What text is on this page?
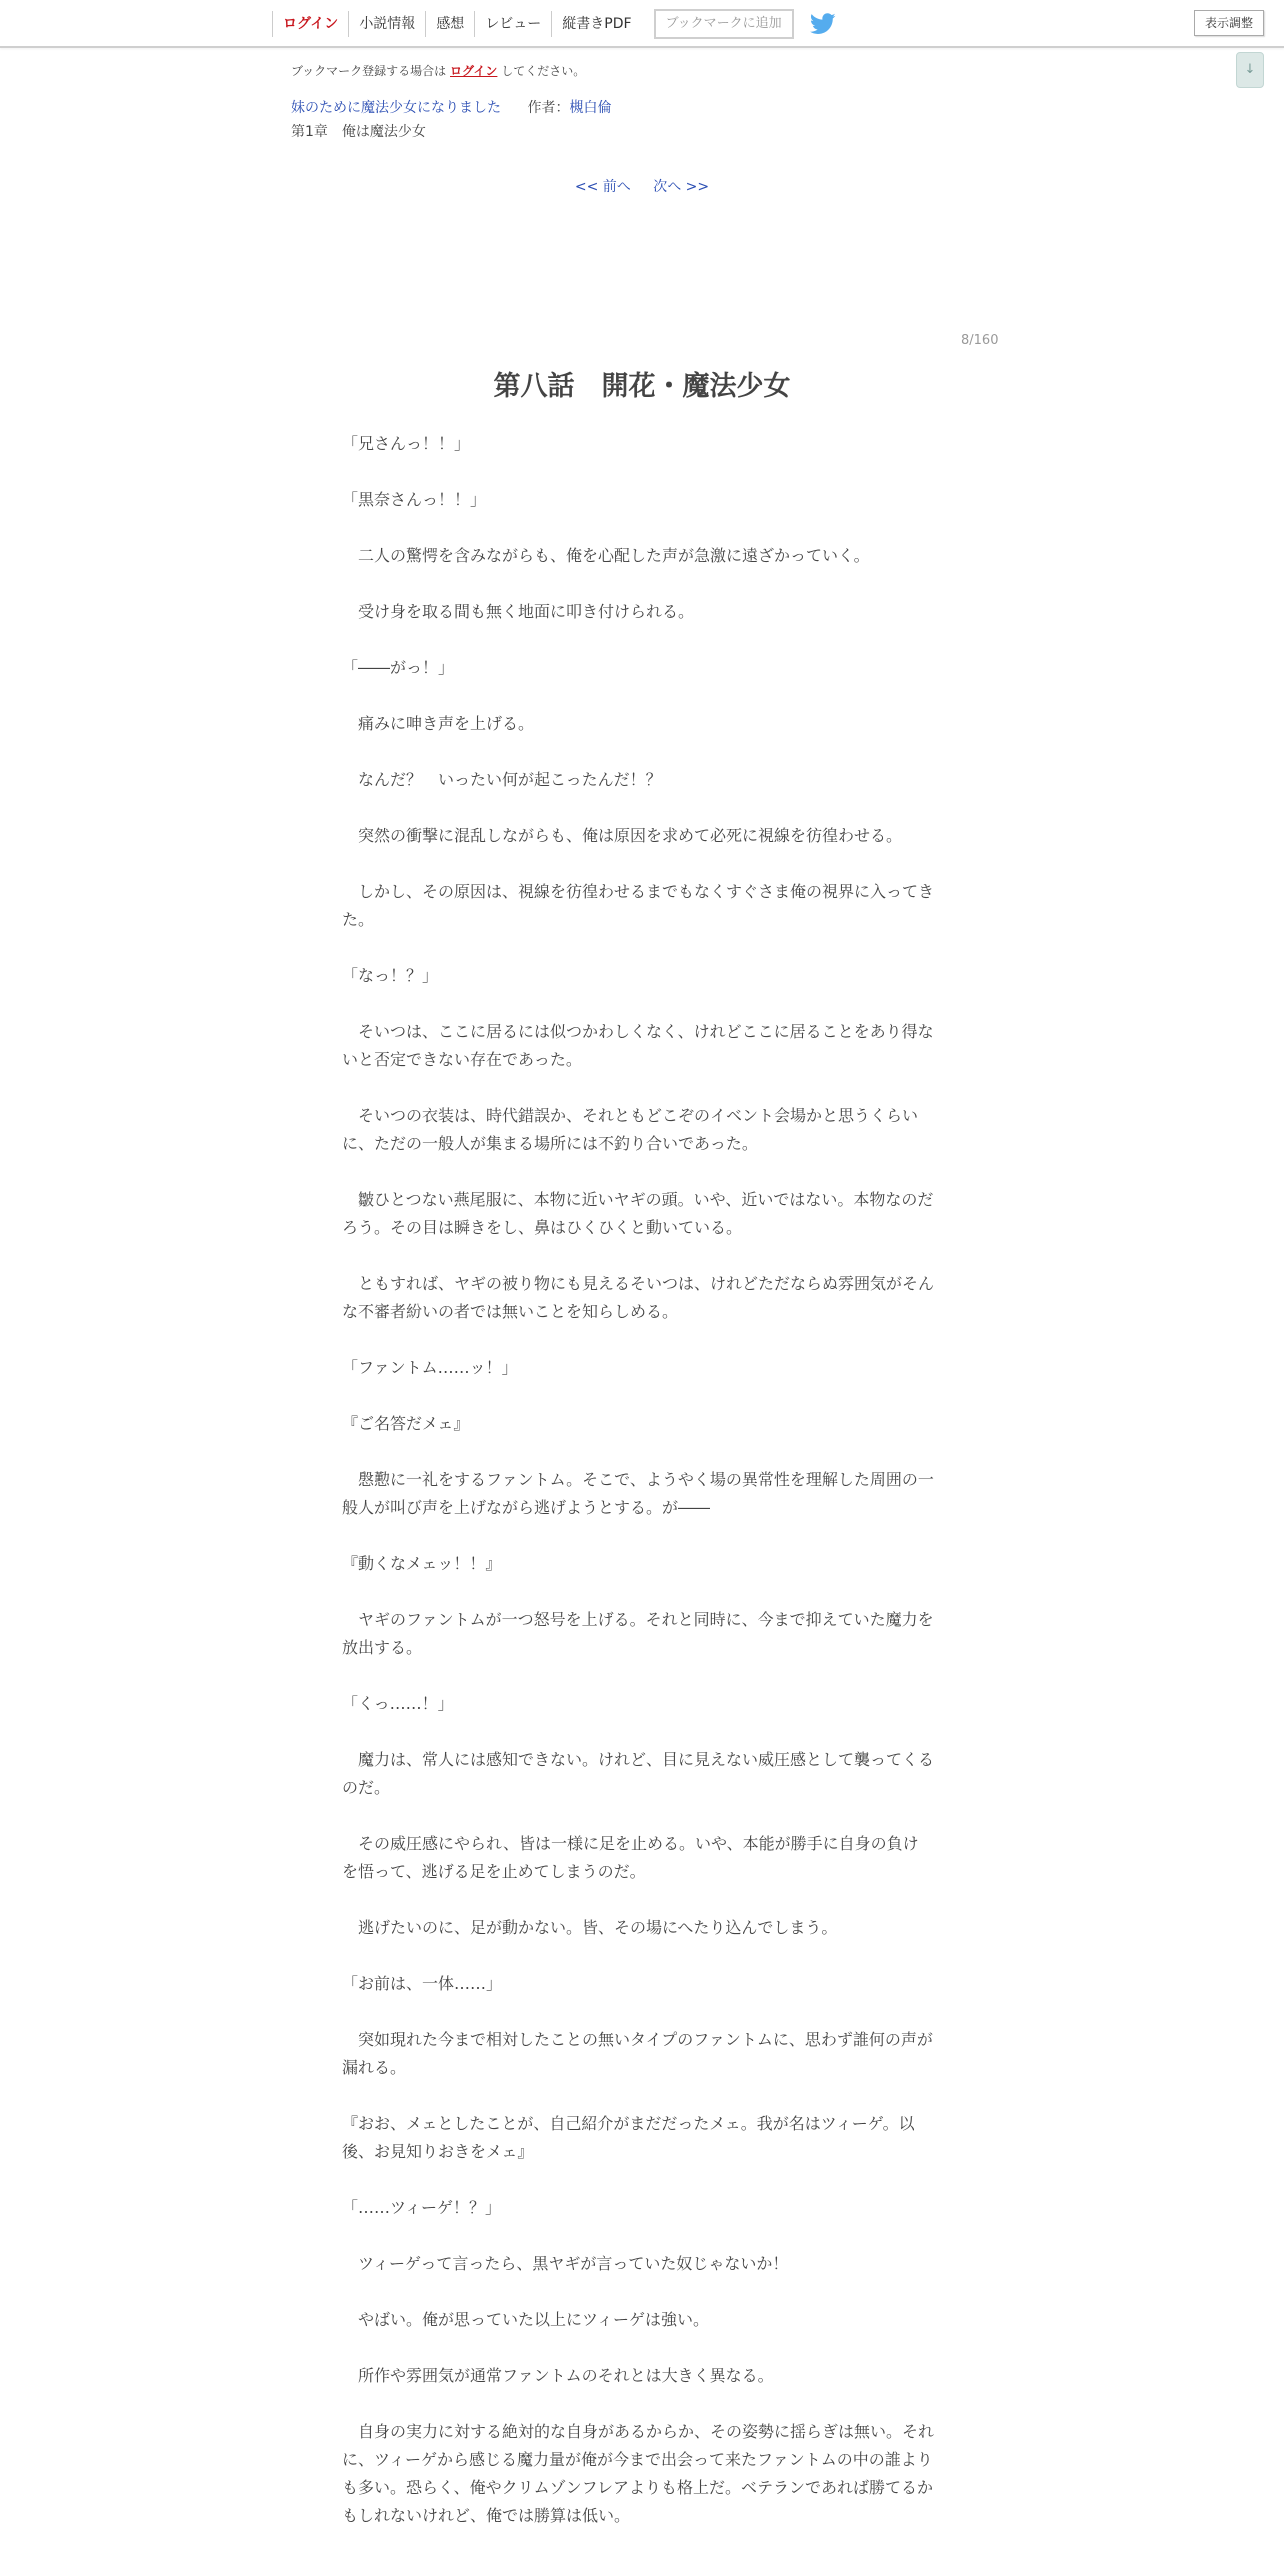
ログイン	小説情報	感想	レビュー	縦書きPDF	ブックマークに追加	表示調整
↓
ブックマーク登録する場合は ログイン してください。
妹のために魔法少女になりました 作者：槻白倫
第1章　俺は魔法少女
<< 前へ 次へ >>
8/160
第八話　開花・魔法少女

「兄さんっ！！」

「黒奈さんっ！！」

　二人の驚愕を含みながらも、俺を心配した声が急激に遠ざかっていく。

　受け身を取る間も無く地面に叩き付けられる。

「――がっ！」

　痛みに呻き声を上げる。

　なんだ？　いったい何が起こったんだ！？

　突然の衝撃に混乱しながらも、俺は原因を求めて必死に視線を彷徨わせる。

　しかし、その原因は、視線を彷徨わせるまでもなくすぐさま俺の視界に入ってきた。

「なっ！？」

　そいつは、ここに居るには似つかわしくなく、けれどここに居ることをあり得ないと否定できない存在であった。

　そいつの衣装は、時代錯誤か、それともどこぞのイベント会場かと思うくらいに、ただの一般人が集まる場所には不釣り合いであった。

　皺ひとつない燕尾服に、本物に近いヤギの頭。いや、近いではない。本物なのだろう。その目は瞬きをし、鼻はひくひくと動いている。

　ともすれば、ヤギの被り物にも見えるそいつは、けれどただならぬ雰囲気がそんな不審者紛いの者では無いことを知らしめる。

「ファントム……ッ！」

『ご名答だメェ』

　慇懃に一礼をするファントム。そこで、ようやく場の異常性を理解した周囲の一般人が叫び声を上げながら逃げようとする。が――

『動くなメェッ！！』

　ヤギのファントムが一つ怒号を上げる。それと同時に、今まで抑えていた魔力を放出する。

「くっ……！」

　魔力は、常人には感知できない。けれど、目に見えない威圧感として襲ってくるのだ。

　その威圧感にやられ、皆は一様に足を止める。いや、本能が勝手に自身の負けを悟って、逃げる足を止めてしまうのだ。

　逃げたいのに、足が動かない。皆、その場にへたり込んでしまう。

「お前は、一体……」

　突如現れた今まで相対したことの無いタイプのファントムに、思わず誰何の声が漏れる。

『おお、メェとしたことが、自己紹介がまだだったメェ。我が名はツィーゲ。以後、お見知りおきをメェ』

「……ツィーゲ！？」

　ツィーゲって言ったら、黒ヤギが言っていた奴じゃないか！

　やばい。俺が思っていた以上にツィーゲは強い。

　所作や雰囲気が通常ファントムのそれとは大きく異なる。

　自身の実力に対する絶対的な自身があるからか、その姿勢に揺らぎは無い。それに、ツィーゲから感じる魔力量が俺が今まで出会って来たファントムの中の誰よりも多い。恐らく、俺やクリムゾンフレアよりも格上だ。ベテランであれば勝てるかもしれないけれど、俺では勝算は低い。
